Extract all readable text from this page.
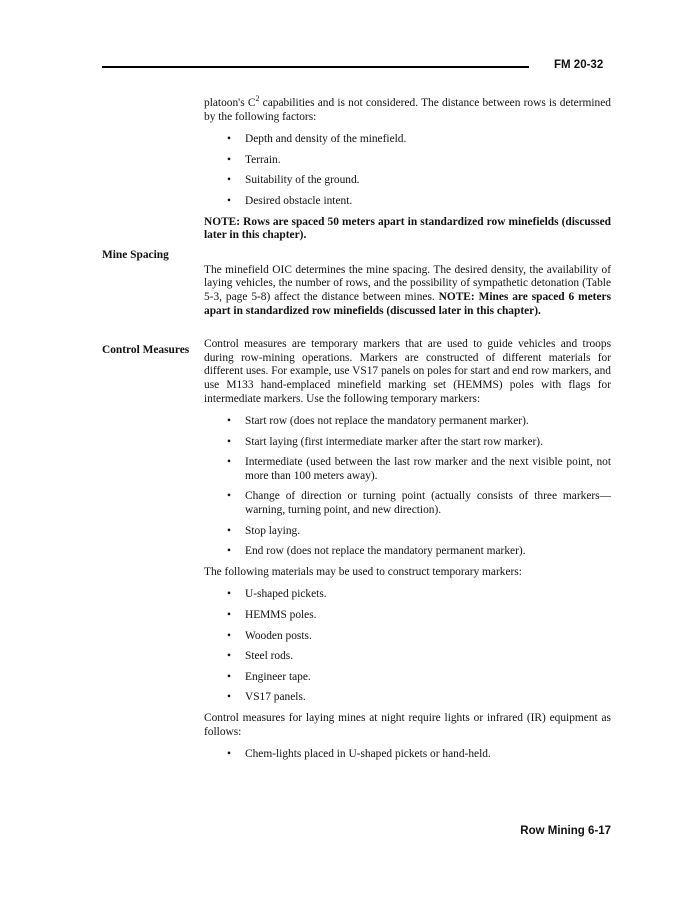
FM 20-32
Mine Spacing
Control Measures

platoon's $C^2$ capabilities and is not considered. The distance between rows is determined by the following factors:

• Depth and density of the minefield.
• Terrain.
• Suitability of the ground.
• Desired obstacle intent.

NOTE: Rows are spaced 50 meters apart in standardized row minefields (discussed later in this chapter).

The minefield OIC determines the mine spacing. The desired density, the availability of laying vehicles, the number of rows, and the possibility of sympathetic detonation (Table 5-3, page 5-8) affect the distance between mines. NOTE: Mines are spaced 6 meters apart in standardized row minefields (discussed later in this chapter).

Control measures are temporary markers that are used to guide vehicles and troops during row-mining operations. Markers are constructed of different materials for different uses. For example, use VS17 panels on poles for start and end row markers, and use M133 hand-emplaced minefield marking set (HEMMS) poles with flags for intermediate markers. Use the following temporary markers:

• Start row (does not replace the mandatory permanent marker).
• Start laying (first intermediate marker after the start row marker).
• Intermediate (used between the last row marker and the next visible point, not more than 100 meters away).
• Change of direction or turning point (actually consists of three markers—warning, turning point, and new direction).
• Stop laying.
• End row (does not replace the mandatory permanent marker).

The following materials may be used to construct temporary markers:

• U-shaped pickets.
• HEMMS poles.
• Wooden posts.
• Steel rods.
• Engineer tape.
• VS17 panels.

Control measures for laying mines at night require lights or infrared (IR) equipment as follows:

• Chem-lights placed in U-shaped pickets or hand-held.
Row Mining 6-17
